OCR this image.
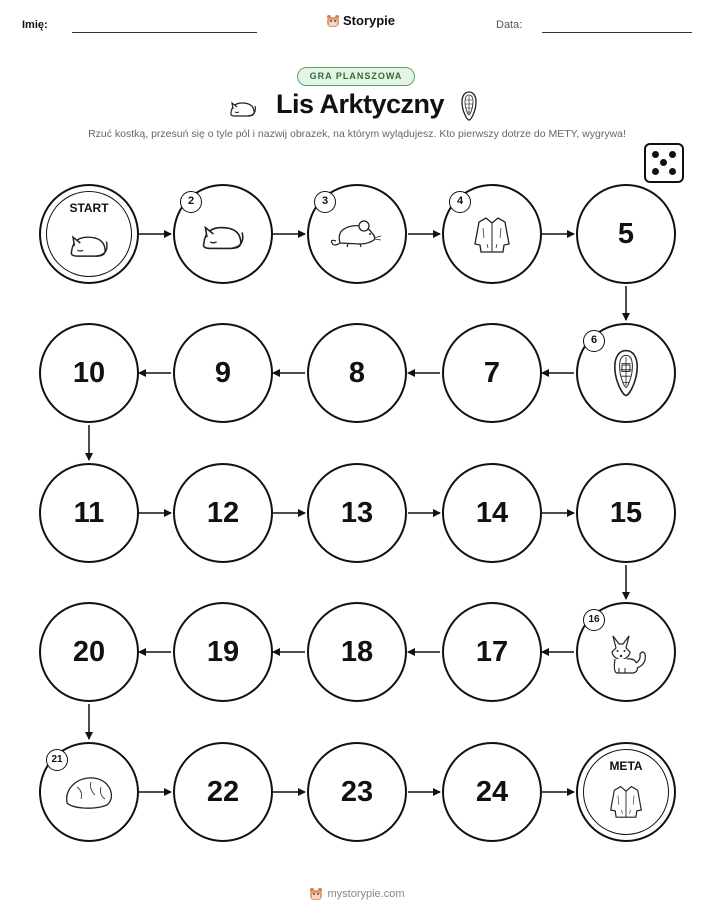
Imię:	Storypie	Data:
GRA PLANSZOWA
Lis Arktyczny
Rzuć kostką, przesuń się o tyle pól i nazwij obrazek, na którym wylądujesz. Kto pierwszy dotrze do METY, wygrywa!
START	2	3	4
5
6
7
8
9
10
11	12	13	14	15
16
17
18
19
20
21
22	23	24
META
mystorypie.com
